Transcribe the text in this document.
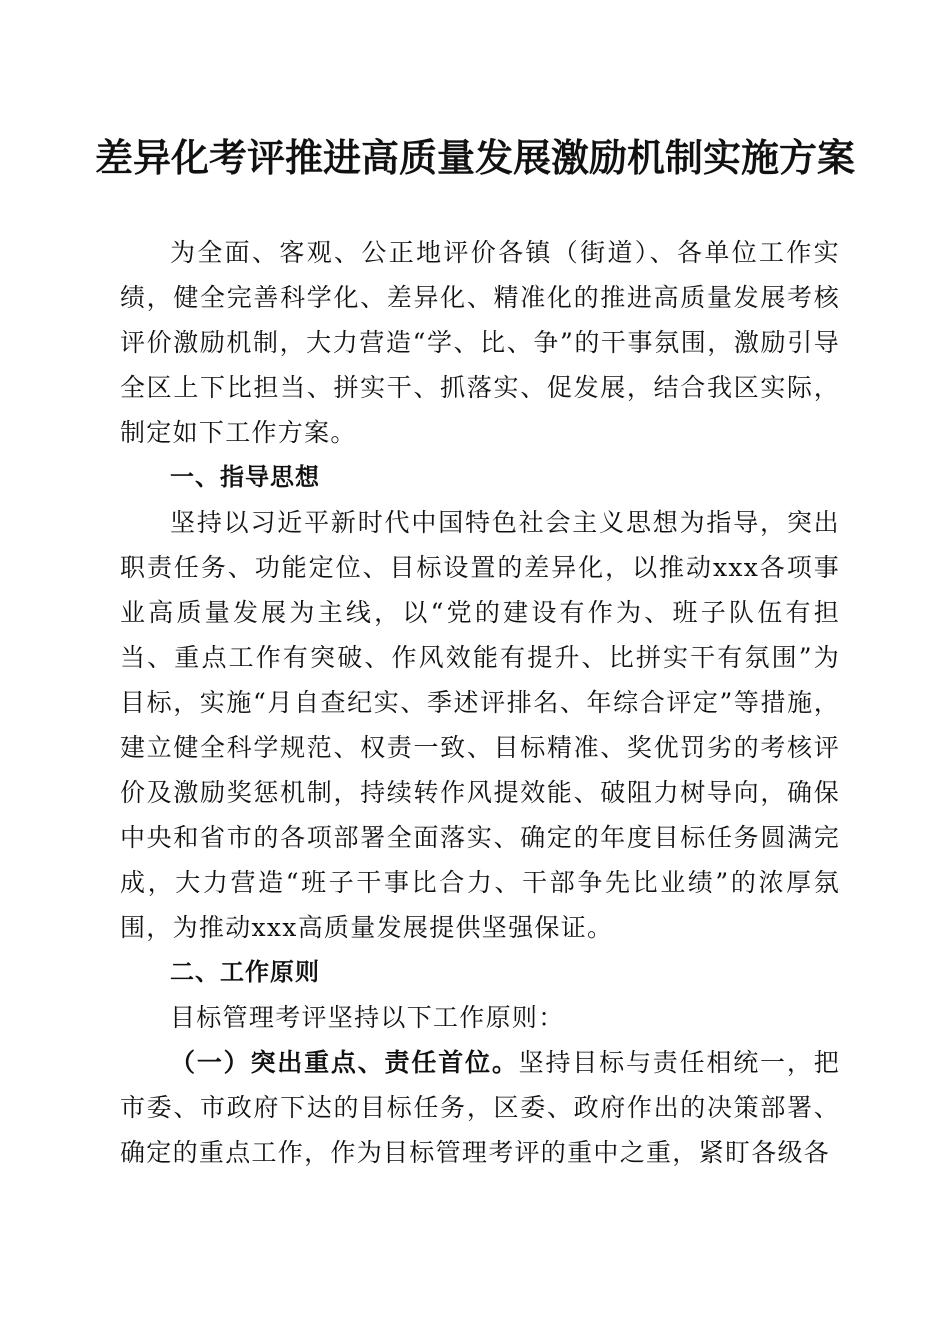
差异化考评推进高质量发展激励机制实施方案

为全面、客观、公正地评价各镇（街道）、各单位工作实绩，健全完善科学化、差异化、精准化的推进高质量发展考核评价激励机制，大力营造“学、比、争”的干事氛围，激励引导全区上下比担当、拼实干、抓落实、促发展，结合我区实际，制定如下工作方案。

一、指导思想

坚持以习近平新时代中国特色社会主义思想为指导，突出职责任务、功能定位、目标设置的差异化，以推动xxx各项事业高质量发展为主线，以“党的建设有作为、班子队伍有担当、重点工作有突破、作风效能有提升、比拼实干有氛围”为目标，实施“月自查纪实、季述评排名、年综合评定”等措施，建立健全科学规范、权责一致、目标精准、奖优罚劣的考核评价及激励奖惩机制，持续转作风提效能、破阻力树导向，确保中央和省市的各项部署全面落实、确定的年度目标任务圆满完成，大力营造“班子干事比合力、干部争先比业绩”的浓厚氛围，为推动xxx高质量发展提供坚强保证。

二、工作原则

目标管理考评坚持以下工作原则：

（一）突出重点、责任首位。坚持目标与责任相统一，把市委、市政府下达的目标任务，区委、政府作出的决策部署、确定的重点工作，作为目标管理考评的重中之重，紧盯各级各
